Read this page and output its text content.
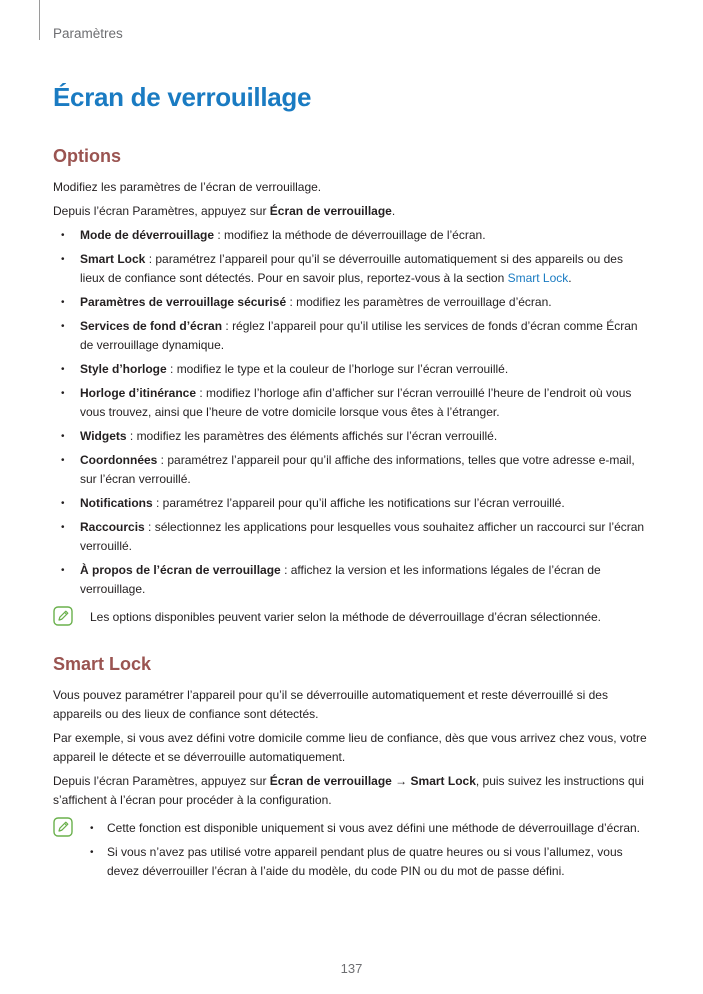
Paramètres

Écran de verrouillage
Options

Modifiez les paramètres de l’écran de verrouillage.

Depuis l’écran Paramètres, appuyez sur Écran de verrouillage.

• Mode de déverrouillage : modifiez la méthode de déverrouillage de l’écran.
• Smart Lock : paramétrez l’appareil pour qu’il se déverrouille automatiquement si des appareils ou des lieux de confiance sont détectés. Pour en savoir plus, reportez-vous à la section Smart Lock.
• Paramètres de verrouillage sécurisé : modifiez les paramètres de verrouillage d’écran.
• Services de fond d’écran : réglez l’appareil pour qu’il utilise les services de fonds d’écran comme Écran de verrouillage dynamique.
• Style d’horloge : modifiez le type et la couleur de l’horloge sur l’écran verrouillé.
• Horloge d’itinérance : modifiez l’horloge afin d’afficher sur l’écran verrouillé l’heure de l’endroit où vous vous trouvez, ainsi que l’heure de votre domicile lorsque vous êtes à l’étranger.
• Widgets : modifiez les paramètres des éléments affichés sur l’écran verrouillé.
• Coordonnées : paramétrez l’appareil pour qu’il affiche des informations, telles que votre adresse e-mail, sur l’écran verrouillé.
• Notifications : paramétrez l’appareil pour qu’il affiche les notifications sur l’écran verrouillé.
• Raccourcis : sélectionnez les applications pour lesquelles vous souhaitez afficher un raccourci sur l’écran verrouillé.
• À propos de l’écran de verrouillage : affichez la version et les informations légales de l’écran de verrouillage.
Les options disponibles peuvent varier selon la méthode de déverrouillage d’écran sélectionnée.
Smart Lock

Vous pouvez paramétrer l’appareil pour qu’il se déverrouille automatiquement et reste déverrouillé si des appareils ou des lieux de confiance sont détectés.

Par exemple, si vous avez défini votre domicile comme lieu de confiance, dès que vous arrivez chez vous, votre appareil le détecte et se déverrouille automatiquement.

Depuis l’écran Paramètres, appuyez sur Écran de verrouillage → Smart Lock, puis suivez les instructions qui s’affichent à l’écran pour procéder à la configuration.

• Cette fonction est disponible uniquement si vous avez défini une méthode de déverrouillage d’écran.
• Si vous n’avez pas utilisé votre appareil pendant plus de quatre heures ou si vous l’allumez, vous devez déverrouiller l’écran à l’aide du modèle, du code PIN ou du mot de passe défini.

137
